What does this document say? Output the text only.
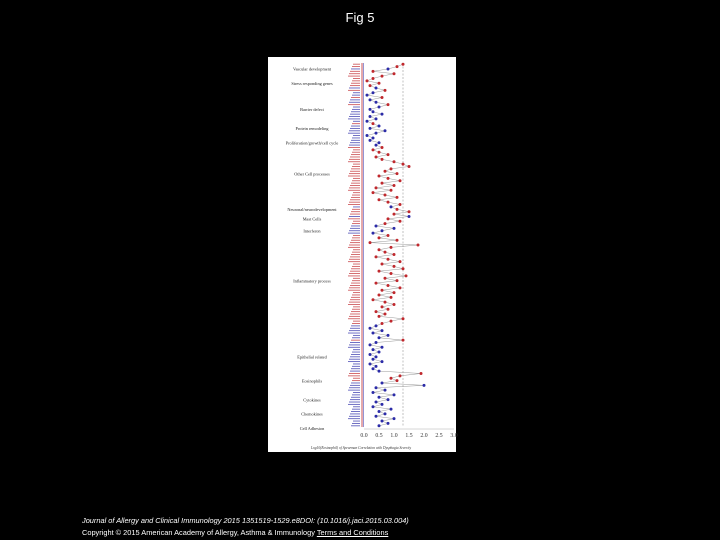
Fig 5
0.0 0.5 1.0 1.5 2.0 2.5 3.0
Vascular development
Stress responding genes
Barrier defect
Protein remodeling
Proliferation/growth/cell cycle
Other Cell processes
Neuronal/neurodevelopment
Mast Cells
Interferon
Inflammatory process
Epithelial related
Eosinophils
Cytokines
Chemokines
Cell Adhesion
Log10(Eosinophil) of Spearman Correlation with Dysphagia Severity
Journal of Allergy and Clinical Immunology 2015 1351519-1529.e8DOI: (10.1016/j.jaci.2015.03.004)
Copyright © 2015 American Academy of Allergy, Asthma & Immunology Terms and Conditions
